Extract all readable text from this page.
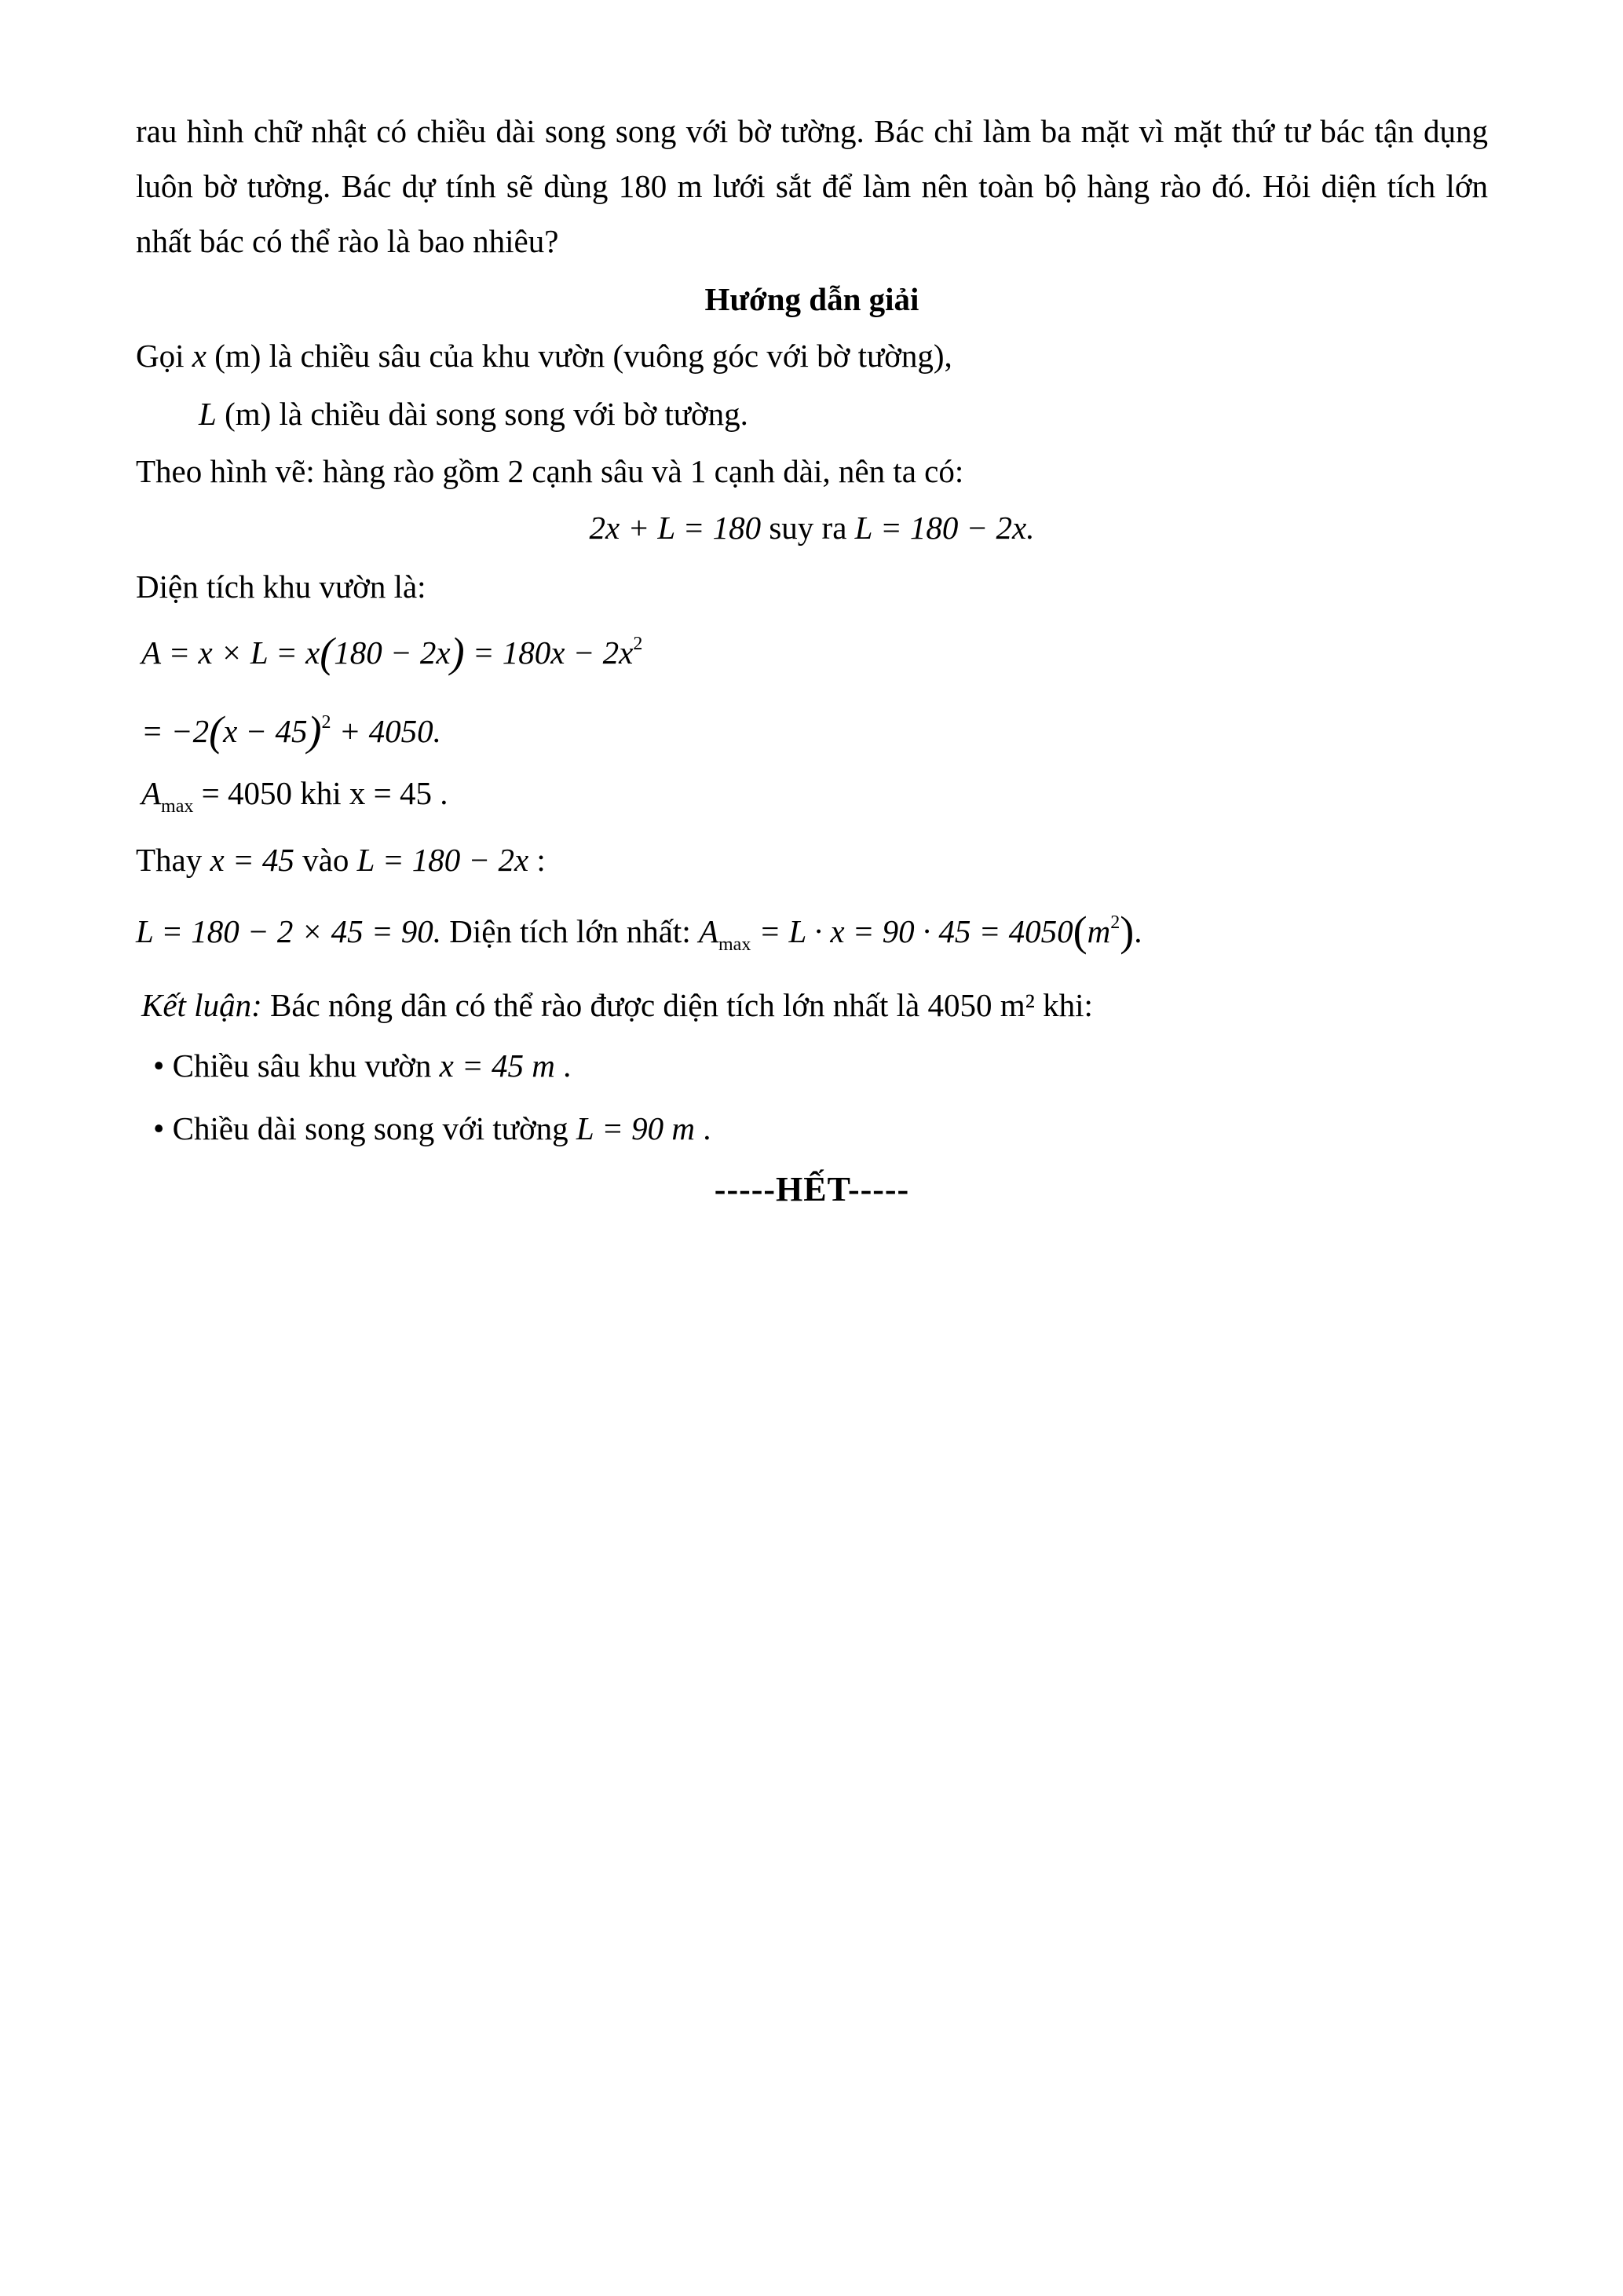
rau hình chữ nhật có chiều dài song song với bờ tường. Bác chỉ làm ba mặt vì mặt thứ tư bác tận dụng
luôn bờ tường. Bác dự tính sẽ dùng 180 m lưới sắt để làm nên toàn bộ hàng rào đó. Hỏi diện tích lớn
nhất bác có thể rào là bao nhiêu?
Hướng dẫn giải
Gọi x (m) là chiều sâu của khu vườn (vuông góc với bờ tường),
L (m) là chiều dài song song với bờ tường.
Theo hình vẽ: hàng rào gồm 2 cạnh sâu và 1 cạnh dài, nên ta có:
2x + L = 180 suy ra L = 180 − 2x.
Diện tích khu vườn là:
$A = x \times L = x(180 - 2x) = 180x - 2x^2$
= $-2(x - 45)^2 + 4050$.
$A_{max} = 4050$ khi x = 45 .
Thay x = 45 vào L = 180 − 2x :
L = 180 − 2 × 45 = 90. Diện tích lớn nhất: $A_{max} = L \cdot x = 90 \cdot 45 = 4050(m^2)$.
Kết luận: Bác nông dân có thể rào được diện tích lớn nhất là 4050 m² khi:
• Chiều sâu khu vườn x = 45 m .
• Chiều dài song song với tường L = 90 m .
-----HẾT-----
